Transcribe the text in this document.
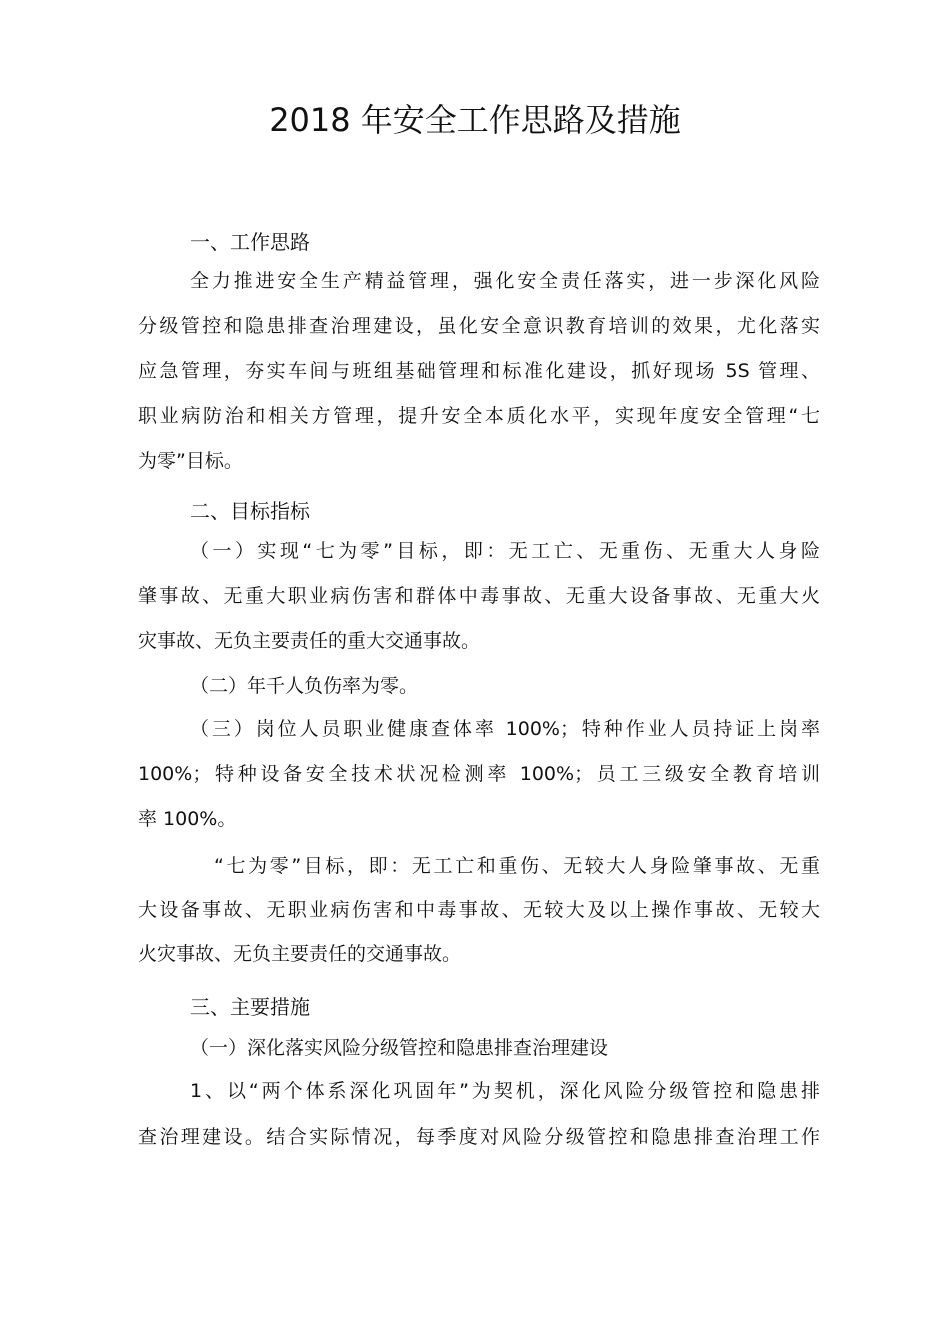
2018 年安全工作思路及措施
一、工作思路
全力推进安全生产精益管理，强化安全责任落实，进一步深化风险
分级管控和隐患排查治理建设，虽化安全意识教育培训的效果，尤化落实
应急管理，夯实车间与班组基础管理和标准化建设，抓好现场 5S 管理、
职业病防治和相关方管理，提升安全本质化水平，实现年度安全管理“七
为零”目标。
二、目标指标
（一）实现“七为零”目标，即：无工亡、无重伤、无重大人身险
肇事故、无重大职业病伤害和群体中毒事故、无重大设备事故、无重大火
灾事故、无负主要责任的重大交通事故。
（二）年千人负伤率为零。
（三）岗位人员职业健康查体率 100%；特种作业人员持证上岗率
100%；特种设备安全技术状况检测率 100%；员工三级安全教育培训
率 100%。
“七为零”目标，即：无工亡和重伤、无较大人身险肇事故、无重
大设备事故、无职业病伤害和中毒事故、无较大及以上操作事故、无较大
火灾事故、无负主要责任的交通事故。
三、主要措施
（一）深化落实风险分级管控和隐患排查治理建设
1、以“两个体系深化巩固年”为契机，深化风险分级管控和隐患排
查治理建设。结合实际情况，每季度对风险分级管控和隐患排查治理工作
